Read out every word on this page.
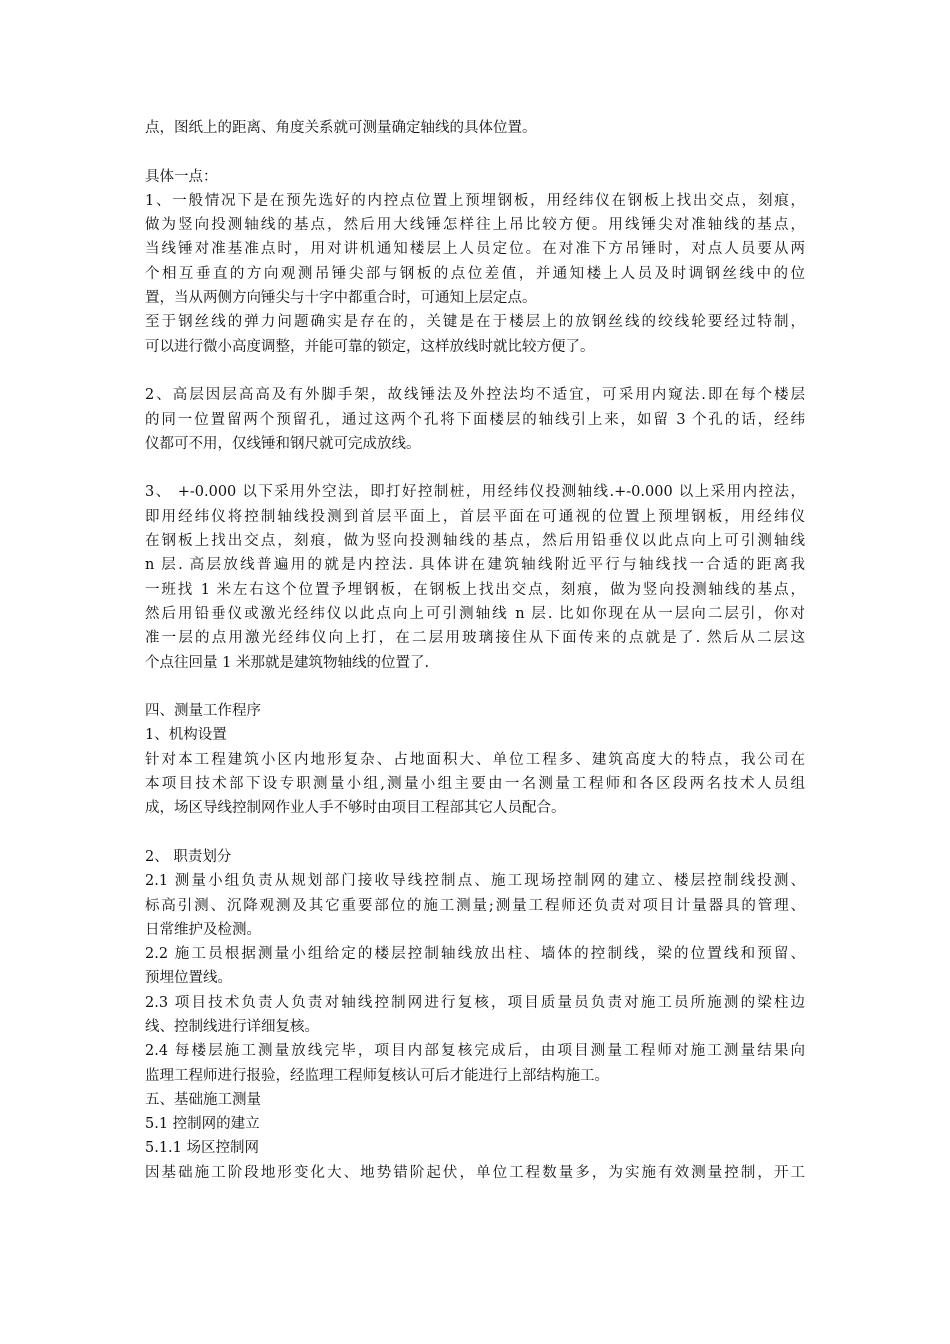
点，图纸上的距离、角度关系就可测量确定轴线的具体位置。
具体一点：
1、一般情况下是在预先选好的内控点位置上预埋钢板，用经纬仪在钢板上找出交点，刻痕，
做为竖向投测轴线的基点，然后用大线锤怎样往上吊比较方便。用线锤尖对准轴线的基点，
当线锤对准基准点时，用对讲机通知楼层上人员定位。在对准下方吊锤时，对点人员要从两
个相互垂直的方向观测吊锤尖部与钢板的点位差值，并通知楼上人员及时调钢丝线中的位
置，当从两侧方向锤尖与十字中都重合时，可通知上层定点。
至于钢丝线的弹力问题确实是存在的，关键是在于楼层上的放钢丝线的绞线轮要经过特制，
可以进行微小高度调整，并能可靠的锁定，这样放线时就比较方便了。
2、高层因层高高及有外脚手架，故线锤法及外控法均不适宜，可采用内窥法.即在每个楼层
的同一位置留两个预留孔，通过这两个孔将下面楼层的轴线引上来，如留 3 个孔的话，经纬
仪都可不用，仅线锤和钢尺就可完成放线。
3、 +-0.000 以下采用外空法，即打好控制桩，用经纬仪投测轴线.+-0.000 以上采用内控法，
即用经纬仪将控制轴线投测到首层平面上，首层平面在可通视的位置上预埋钢板，用经纬仪
在钢板上找出交点，刻痕，做为竖向投测轴线的基点，然后用铅垂仪以此点向上可引测轴线
n 层. 高层放线普遍用的就是内控法. 具体讲在建筑轴线附近平行与轴线找一合适的距离我
一班找 1 米左右这个位置予埋钢板，在钢板上找出交点，刻痕，做为竖向投测轴线的基点，
然后用铅垂仪或激光经纬仪以此点向上可引测轴线 n 层. 比如你现在从一层向二层引，你对
准一层的点用激光经纬仪向上打，在二层用玻璃接住从下面传来的点就是了. 然后从二层这
个点往回量 1 米那就是建筑物轴线的位置了.
四、测量工作程序
1、机构设置
针对本工程建筑小区内地形复杂、占地面积大、单位工程多、建筑高度大的特点，我公司在
本项目技术部下设专职测量小组,测量小组主要由一名测量工程师和各区段两名技术人员组
成，场区导线控制网作业人手不够时由项目工程部其它人员配合。
2、 职责划分
2.1 测量小组负责从规划部门接收导线控制点、施工现场控制网的建立、楼层控制线投测、
标高引测、沉降观测及其它重要部位的施工测量;测量工程师还负责对项目计量器具的管理、
日常维护及检测。
2.2 施工员根据测量小组给定的楼层控制轴线放出柱、墙体的控制线，梁的位置线和预留、
预埋位置线。
2.3 项目技术负责人负责对轴线控制网进行复核，项目质量员负责对施工员所施测的梁柱边
线、控制线进行详细复核。
2.4 每楼层施工测量放线完毕，项目内部复核完成后，由项目测量工程师对施工测量结果向
监理工程师进行报验，经监理工程师复核认可后才能进行上部结构施工。
五、基础施工测量
5.1 控制网的建立
5.1.1 场区控制网
因基础施工阶段地形变化大、地势错阶起伏，单位工程数量多，为实施有效测量控制，开工
